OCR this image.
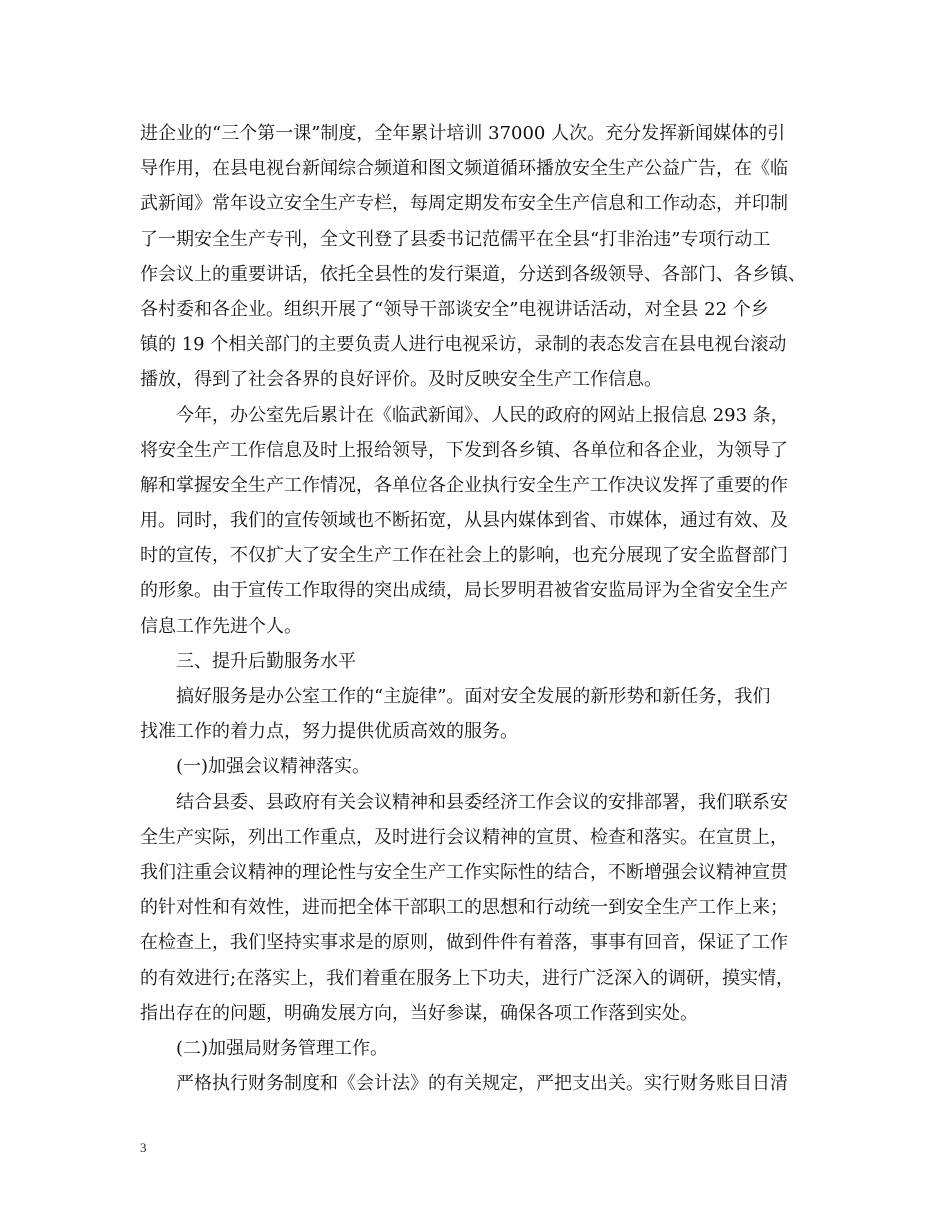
进企业的“三个第一课”制度，全年累计培训 37000 人次。充分发挥新闻媒体的引
导作用，在县电视台新闻综合频道和图文频道循环播放安全生产公益广告，在《临
武新闻》常年设立安全生产专栏，每周定期发布安全生产信息和工作动态，并印制
了一期安全生产专刊，全文刊登了县委书记范儒平在全县“打非治违”专项行动工
作会议上的重要讲话，依托全县性的发行渠道，分送到各级领导、各部门、各乡镇、
各村委和各企业。组织开展了“领导干部谈安全”电视讲话活动，对全县 22 个乡
镇的 19 个相关部门的主要负责人进行电视采访，录制的表态发言在县电视台滚动
播放，得到了社会各界的良好评价。及时反映安全生产工作信息。
　　今年，办公室先后累计在《临武新闻》、人民的政府的网站上报信息 293 条，
将安全生产工作信息及时上报给领导，下发到各乡镇、各单位和各企业，为领导了
解和掌握安全生产工作情况，各单位各企业执行安全生产工作决议发挥了重要的作
用。同时，我们的宣传领域也不断拓宽，从县内媒体到省、市媒体，通过有效、及
时的宣传，不仅扩大了安全生产工作在社会上的影响，也充分展现了安全监督部门
的形象。由于宣传工作取得的突出成绩，局长罗明君被省安监局评为全省安全生产
信息工作先进个人。
　　三、提升后勤服务水平
　　搞好服务是办公室工作的“主旋律”。面对安全发展的新形势和新任务，我们
找准工作的着力点，努力提供优质高效的服务。
　　(一)加强会议精神落实。
　　结合县委、县政府有关会议精神和县委经济工作会议的安排部署，我们联系安
全生产实际，列出工作重点，及时进行会议精神的宣贯、检查和落实。在宣贯上，
我们注重会议精神的理论性与安全生产工作实际性的结合，不断增强会议精神宣贯
的针对性和有效性，进而把全体干部职工的思想和行动统一到安全生产工作上来；
在检查上，我们坚持实事求是的原则，做到件件有着落，事事有回音，保证了工作
的有效进行;在落实上，我们着重在服务上下功夫，进行广泛深入的调研，摸实情，
指出存在的问题，明确发展方向，当好参谋，确保各项工作落到实处。
　　(二)加强局财务管理工作。
　　严格执行财务制度和《会计法》的有关规定，严把支出关。实行财务账目日清
3
